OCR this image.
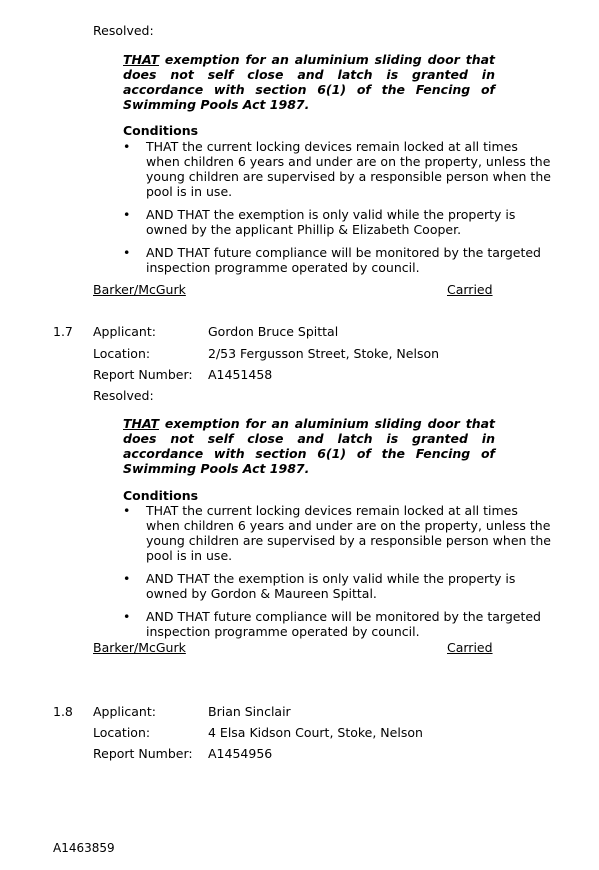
Resolved:
THAT exemption for an aluminium sliding door that does not self close and latch is granted in accordance with section 6(1) of the Fencing of Swimming Pools Act 1987.
Conditions
• THAT the current locking devices remain locked at all times when children 6 years and under are on the property, unless the young children are supervised by a responsible person when the pool is in use.
• AND THAT the exemption is only valid while the property is owned by the applicant Phillip & Elizabeth Cooper.
• AND THAT future compliance will be monitored by the targeted inspection programme operated by council.
Barker/McGurk	Carried
1.7 Applicant:	Gordon Bruce Spittal
Location:	2/53 Fergusson Street, Stoke, Nelson
Report Number: A1451458
Resolved:
THAT exemption for an aluminium sliding door that does not self close and latch is granted in accordance with section 6(1) of the Fencing of Swimming Pools Act 1987.
Conditions
• THAT the current locking devices remain locked at all times when children 6 years and under are on the property, unless the young children are supervised by a responsible person when the pool is in use.
• AND THAT the exemption is only valid while the property is owned by Gordon & Maureen Spittal.
• AND THAT future compliance will be monitored by the targeted inspection programme operated by council.
Barker/McGurk	Carried
1.8 Applicant:	Brian Sinclair
Location:	4 Elsa Kidson Court, Stoke, Nelson
Report Number: A1454956
A1463859
